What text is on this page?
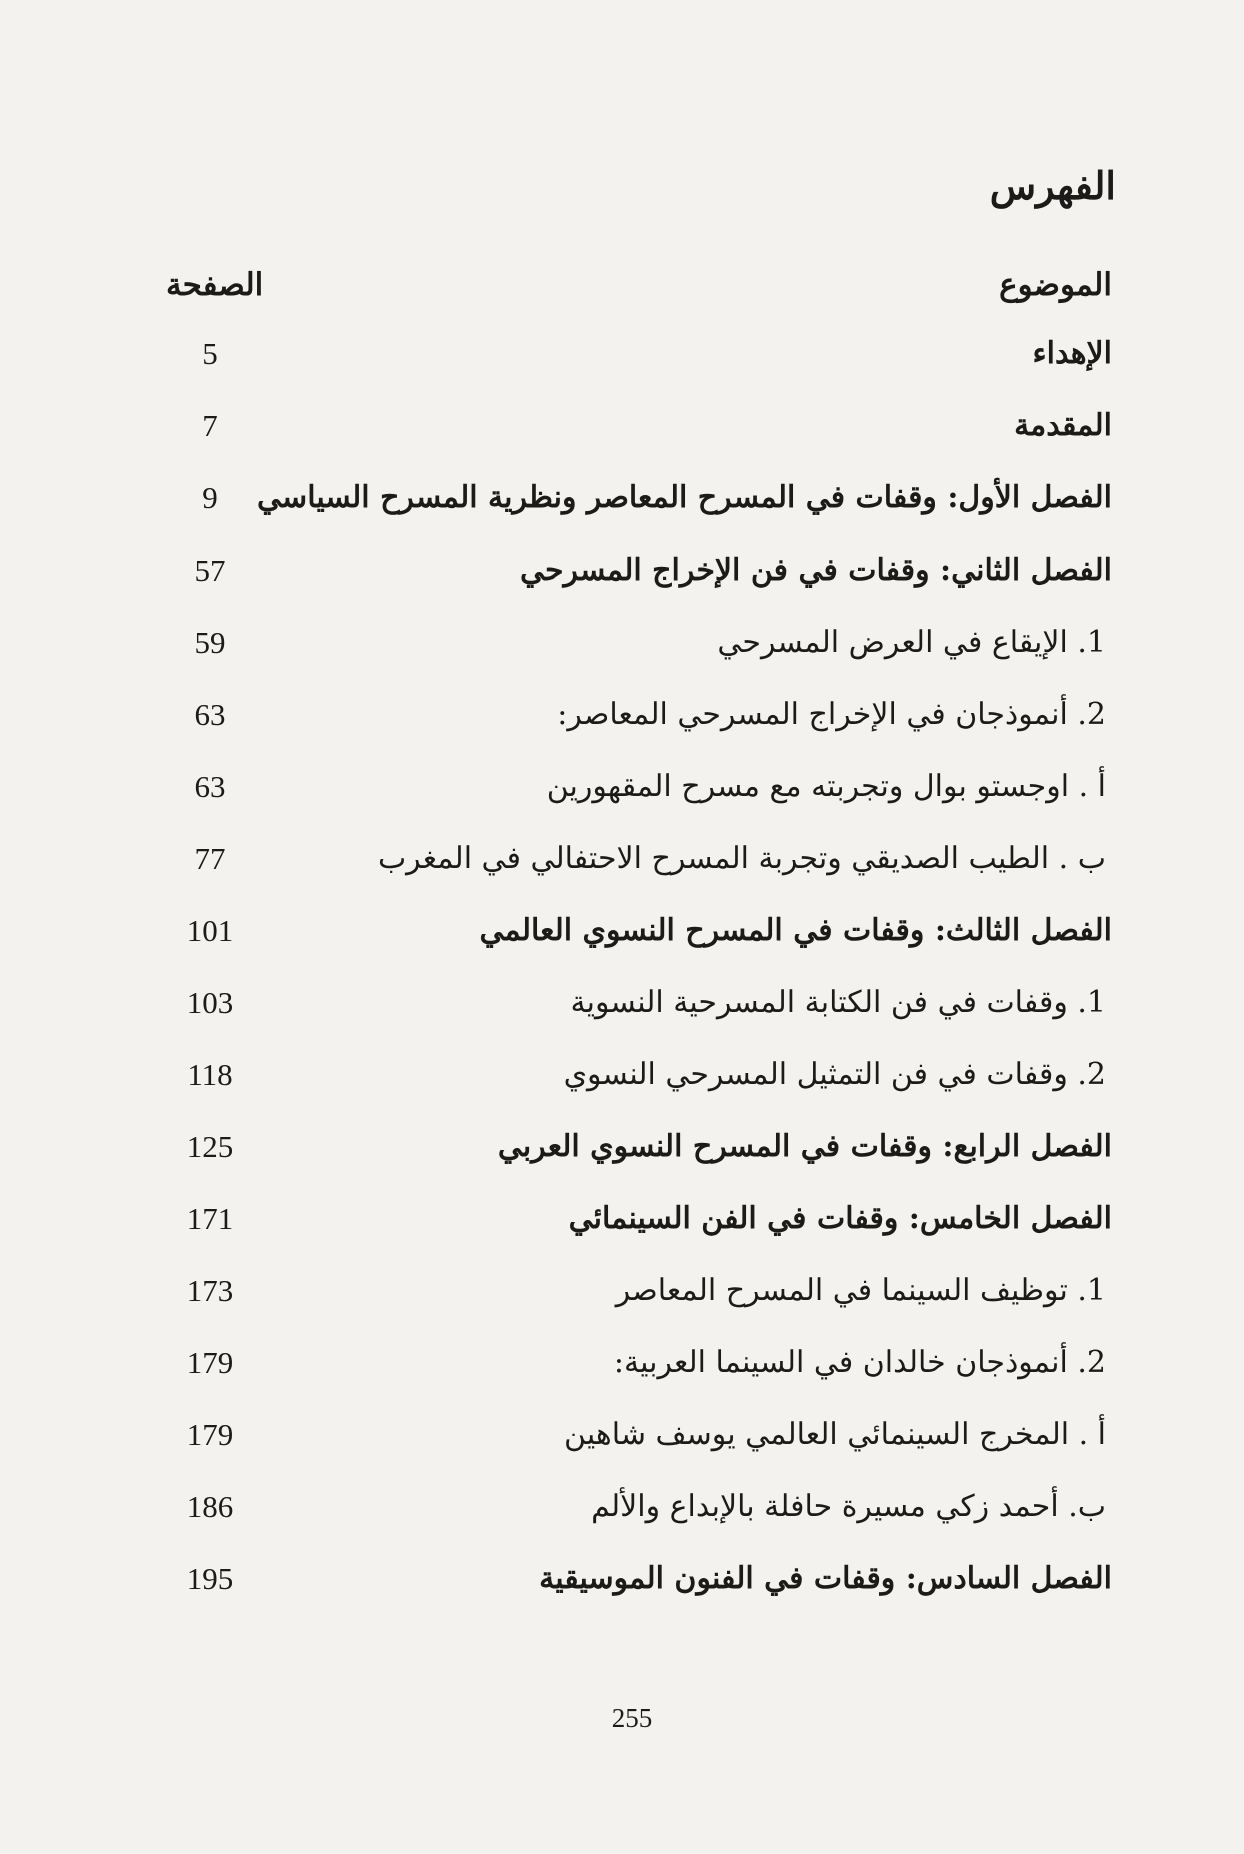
الفهرس
الموضوع
الصفحة
الإهداء
5
المقدمة
7
الفصل الأول: وقفات في المسرح المعاصر ونظرية المسرح السياسي
9
الفصل الثاني: وقفات في فن الإخراج المسرحي
57
1. الإيقاع في العرض المسرحي
59
2. أنموذجان في الإخراج المسرحي المعاصر:
63
أ . اوجستو بوال وتجربته مع مسرح المقهورين
63
ب . الطيب الصديقي وتجربة المسرح الاحتفالي في المغرب
77
الفصل الثالث: وقفات في المسرح النسوي العالمي
101
1. وقفات في فن الكتابة المسرحية النسوية
103
2. وقفات في فن التمثيل المسرحي النسوي
118
الفصل الرابع: وقفات في المسرح النسوي العربي
125
الفصل الخامس: وقفات في الفن السينمائي
171
1. توظيف السينما في المسرح المعاصر
173
2. أنموذجان خالدان في السينما العربية:
179
أ . المخرج السينمائي العالمي يوسف شاهين
179
ب. أحمد زكي مسيرة حافلة بالإبداع والألم
186
الفصل السادس: وقفات في الفنون الموسيقية
195
255
